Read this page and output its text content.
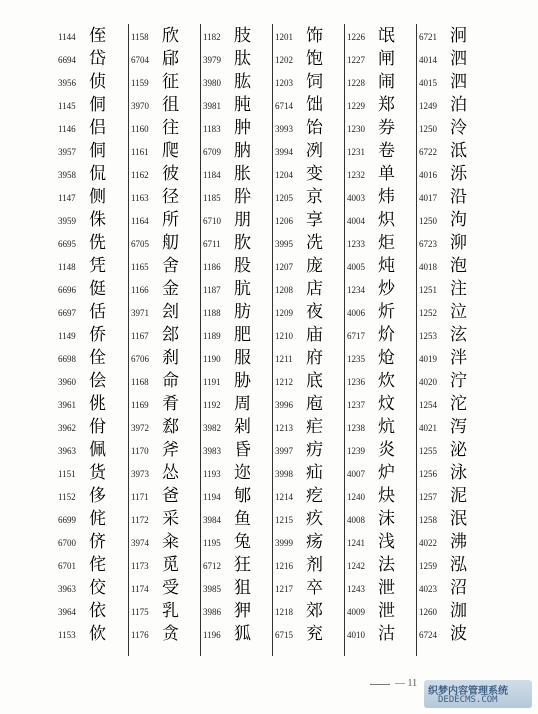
1144 侄
6694 岱
3956 侦
1145 侗
1146 侣
3957 侗
3958 侃
1147 侧
3959 侏
6695 侁
1148 凭
6696 侹
6697 佸
1149 侨
6698 佺
3960 侩
3961 佻
3962 佾
3963 佩
1151 货
1152 侈
6699 侂
6700 侪
6701 侘
3963 佼
3964 依
1153 佽
1158 欣
6704 郈
1159 征
3970 徂
1160 往
1161 爬
1162 彼
1163 径
1164 所
6705 舠
1165 舍
1166 金
3971 刽
1167 郐
6706 刹
1168 命
1169 肴
3972 郄
1170 斧
3973 怂
1171 爸
1172 采
3974 籴
1173 觅
1174 受
1175 乳
1176 贪
1182 肢
3979 肽
3980 肱
3981 肫
1183 肿
6709 肭
1184 胀
1185 肸
6710 朋
6711 肷
1186 股
1187 肮
1188 肪
1189 肥
1190 服
1191 胁
1192 周
3982 剁
3983 昏
1193 迩
1194 郇
3984 鱼
1195 兔
6712 狂
3985 狙
3986 狎
1196 狐
1201 饰
1202 饱
1203 饲
6714 饳
3993 饴
3994 冽
1204 变
1205 京
1206 享
3995 冼
1207 庞
1208 店
1209 夜
1210 庙
1211 府
1212 底
3996 庖
1213 疟
3997 疠
3998 疝
1214 疙
1215 疚
3999 疡
1216 剂
1217 卒
1218 郊
6715 兖
1226 氓
1227 闸
1228 闹
1229 郑
1230 券
1231 卷
1232 单
4003 炜
4004 炽
1233 炬
4005 炖
1234 炒
4006 炘
6717 炌
1235 炝
1236 炊
1237 炆
1238 炕
1239 炎
4007 炉
1240 炔
4008 沫
1241 浅
1242 法
1243 泄
4009 泄
4010 沽
6721 泂
4014 泗
4015 泗
1249 泊
1250 泠
6722 泜
4016 泺
4017 沿
1250 泃
6723 泖
4018 泡
1251 注
1252 泣
1253 泫
4019 泮
4020 泞
1254 沱
4021 泻
1255 泌
1256 泳
1257 泥
1258 泯
4022 沸
1259 泓
4023 沼
1260 泇
6724 波
— 11
织梦内容管理系统
DEDECMS.COM
